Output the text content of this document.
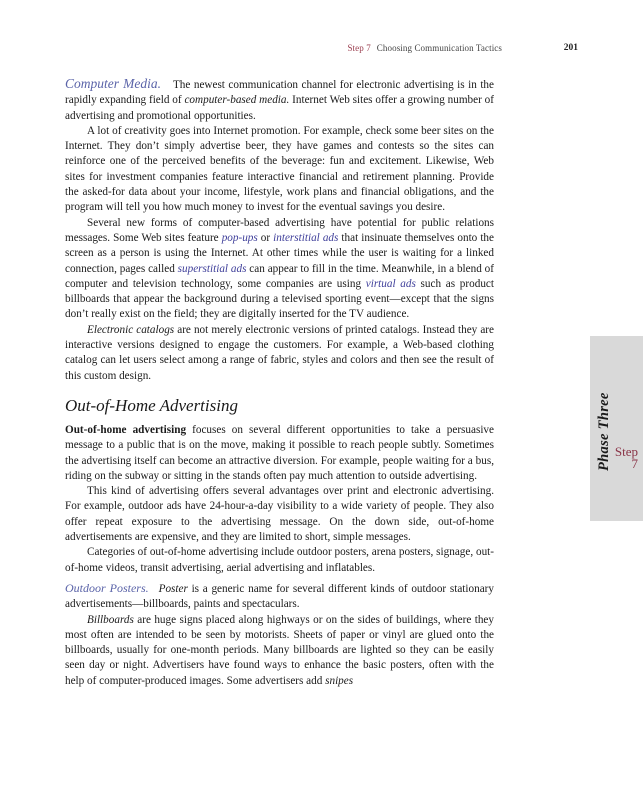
Step 7 Choosing Communication Tactics	201

Computer Media. The newest communication channel for electronic advertising is in the rapidly expanding field of computer-based media. Internet Web sites offer a growing number of advertising and promotional opportunities.

A lot of creativity goes into Internet promotion. For example, check some beer sites on the Internet. They don’t simply advertise beer, they have games and contests so the sites can reinforce one of the perceived benefits of the beverage: fun and excitement. Likewise, Web sites for investment companies feature interactive financial and retirement planning. Provide the asked-for data about your income, lifestyle, work plans and financial obligations, and the program will tell you how much money to invest for the eventual savings you desire.

Several new forms of computer-based advertising have potential for public relations messages. Some Web sites feature pop-ups or interstitial ads that insinuate themselves onto the screen as a person is using the Internet. At other times while the user is waiting for a linked connection, pages called superstitial ads can appear to fill in the time. Meanwhile, in a blend of computer and television technology, some companies are using virtual ads such as product billboards that appear the background during a televised sporting event—except that the signs don’t really exist on the field; they are digitally inserted for the TV audience.

Electronic catalogs are not merely electronic versions of printed catalogs. Instead they are interactive versions designed to engage the customers. For example, a Web-based clothing catalog can let users select among a range of fabric, styles and colors and then see the result of this custom design.

Out-of-Home Advertising

Out-of-home advertising focuses on several different opportunities to take a persuasive message to a public that is on the move, making it possible to reach people subtly. Sometimes the advertising itself can become an attractive diversion. For example, people waiting for a bus, riding on the subway or sitting in the stands often pay much attention to outside advertising.

This kind of advertising offers several advantages over print and electronic advertising. For example, outdoor ads have 24-hour-a-day visibility to a wide variety of people. They also offer repeat exposure to the advertising message. On the down side, out-of-home advertisements are expensive, and they are limited to short, simple messages.

Categories of out-of-home advertising include outdoor posters, arena posters, signage, out-of-home videos, transit advertising, aerial advertising and inflatables.

Outdoor Posters. Poster is a generic name for several different kinds of outdoor stationary advertisements—billboards, paints and spectaculars.

Billboards are huge signs placed along highways or on the sides of buildings, where they most often are intended to be seen by motorists. Sheets of paper or vinyl are glued onto the billboards, usually for one-month periods. Many billboards are lighted so they can be easily seen day or night. Advertisers have found ways to enhance the basic posters, often with the help of computer-produced images. Some advertisers add snipes

Phase Three Step
7
